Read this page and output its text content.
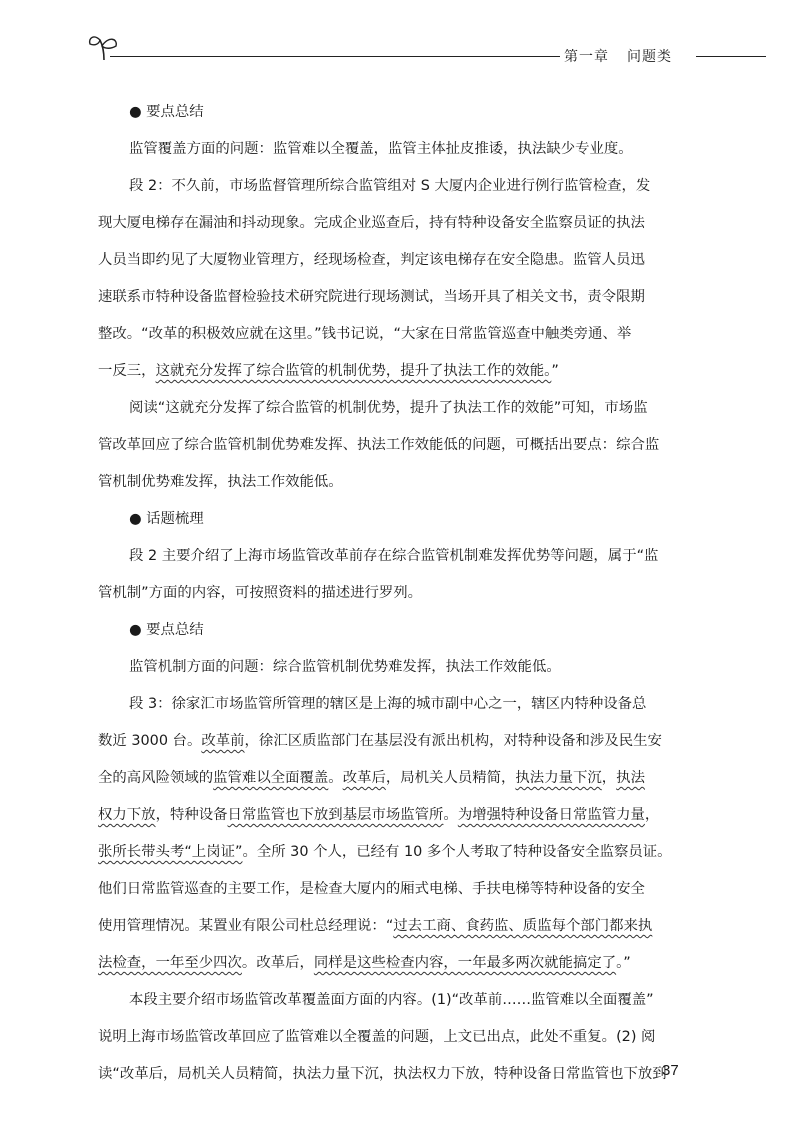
第一章 问题类
● 要点总结
监管覆盖方面的问题：监管难以全覆盖，监管主体扯皮推诿，执法缺少专业度。
段 2：不久前，市场监督管理所综合监管组对 S 大厦内企业进行例行监管检查，发
现大厦电梯存在漏油和抖动现象。完成企业巡查后，持有特种设备安全监察员证的执法
人员当即约见了大厦物业管理方，经现场检查，判定该电梯存在安全隐患。监管人员迅
速联系市特种设备监督检验技术研究院进行现场测试，当场开具了相关文书，责令限期
整改。“改革的积极效应就在这里。”钱书记说，“大家在日常监管巡查中触类旁通、举
一反三，这就充分发挥了综合监管的机制优势，提升了执法工作的效能。”
阅读“这就充分发挥了综合监管的机制优势，提升了执法工作的效能”可知，市场监
管改革回应了综合监管机制优势难发挥、执法工作效能低的问题，可概括出要点：综合监
管机制优势难发挥，执法工作效能低。
● 话题梳理
段 2 主要介绍了上海市场监管改革前存在综合监管机制难发挥优势等问题，属于“监
管机制”方面的内容，可按照资料的描述进行罗列。
● 要点总结
监管机制方面的问题：综合监管机制优势难发挥，执法工作效能低。
段 3：徐家汇市场监管所管理的辖区是上海的城市副中心之一，辖区内特种设备总
数近 3000 台。改革前，徐汇区质监部门在基层没有派出机构，对特种设备和涉及民生安
全的高风险领域的监管难以全面覆盖。改革后，局机关人员精简，执法力量下沉，执法
权力下放，特种设备日常监管也下放到基层市场监管所。为增强特种设备日常监管力量，
张所长带头考“上岗证”。全所 30 个人，已经有 10 多个人考取了特种设备安全监察员证。
他们日常监管巡查的主要工作，是检查大厦内的厢式电梯、手扶电梯等特种设备的安全
使用管理情况。某置业有限公司杜总经理说：“过去工商、食药监、质监每个部门都来执
法检查，一年至少四次。改革后，同样是这些检查内容，一年最多两次就能搞定了。”
本段主要介绍市场监管改革覆盖面方面的内容。(1)“改革前……监管难以全面覆盖”
说明上海市场监管改革回应了监管难以全覆盖的问题，上文已出点，此处不重复。(2) 阅
读“改革后，局机关人员精简，执法力量下沉，执法权力下放，特种设备日常监管也下放到
37
